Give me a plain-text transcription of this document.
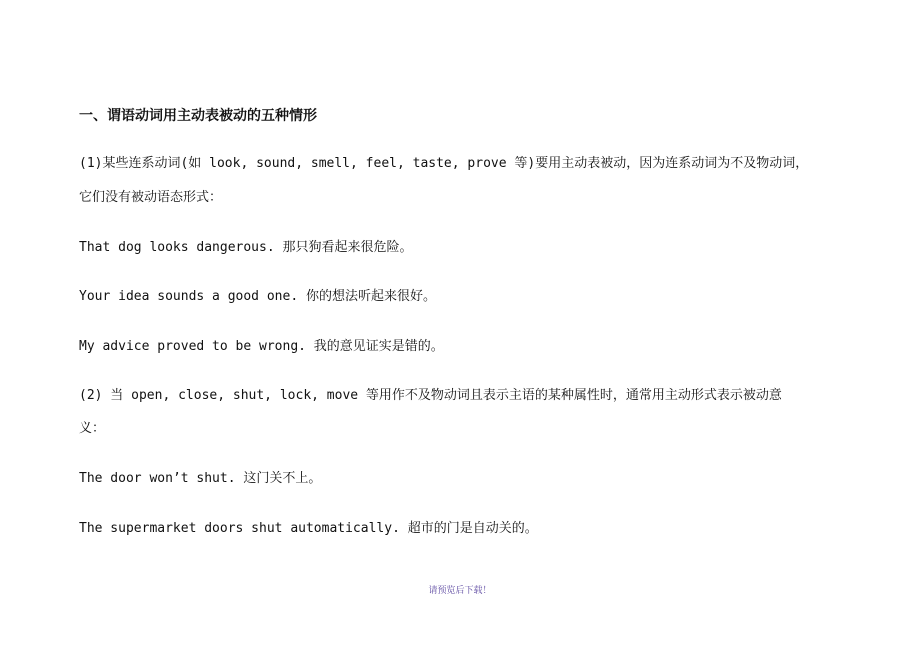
一、谓语动词用主动表被动的五种情形
(1)某些连系动词(如 look, sound, smell, feel, taste, prove 等)要用主动表被动，因为连系动词为不及物动词，
它们没有被动语态形式：
That dog looks dangerous. 那只狗看起来很危险。
Your idea sounds a good one. 你的想法听起来很好。
My advice proved to be wrong. 我的意见证实是错的。
(2) 当 open, close, shut, lock, move 等用作不及物动词且表示主语的某种属性时，通常用主动形式表示被动意
义：
The door won’t shut. 这门关不上。
The supermarket doors shut automatically. 超市的门是自动关的。
请预览后下载！
